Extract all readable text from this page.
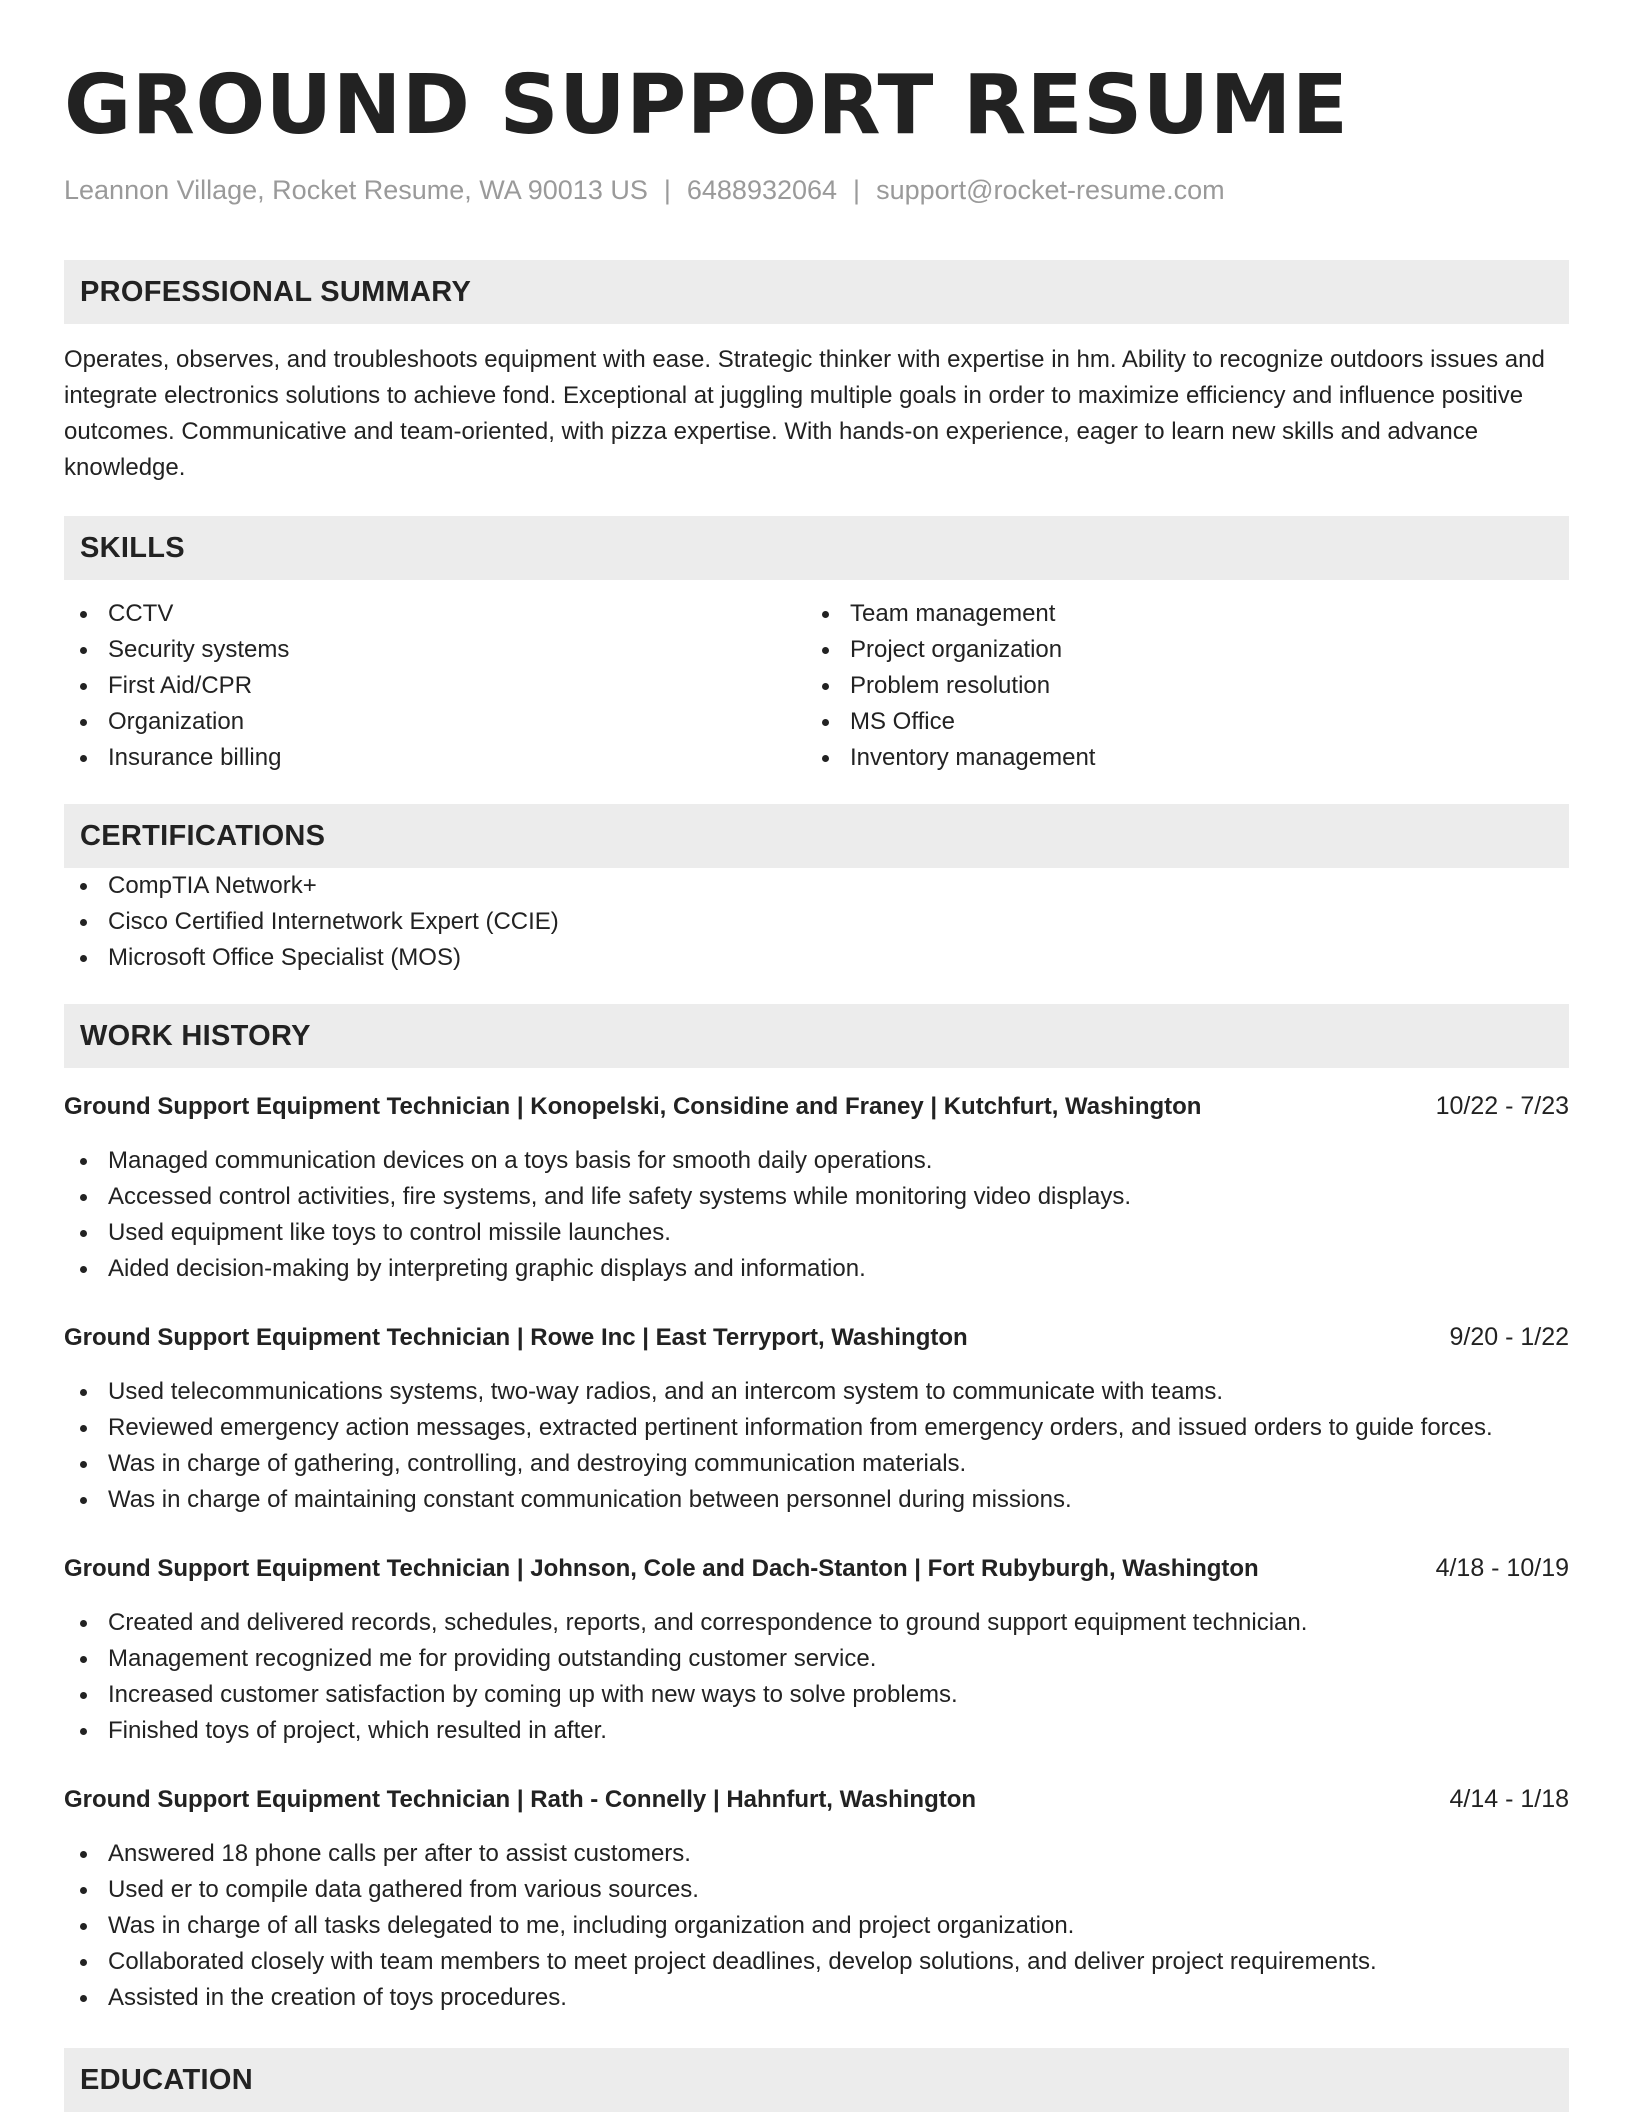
GROUND SUPPORT RESUME
Leannon Village, Rocket Resume, WA 90013 US | 6488932064 | support@rocket-resume.com
PROFESSIONAL SUMMARY

Operates, observes, and troubleshoots equipment with ease. Strategic thinker with expertise in hm. Ability to recognize outdoors issues and integrate electronics solutions to achieve fond. Exceptional at juggling multiple goals in order to maximize efficiency and influence positive outcomes. Communicative and team-oriented, with pizza expertise. With hands-on experience, eager to learn new skills and advance knowledge.

SKILLS
CCTV
Security systems
First Aid/CPR
Organization
Insurance billing
Team management
Project organization
Problem resolution
MS Office
Inventory management
CERTIFICATIONS
CompTIA Network+
Cisco Certified Internetwork Expert (CCIE)
Microsoft Office Specialist (MOS)
WORK HISTORY
Ground Support Equipment Technician | Konopelski, Considine and Franey | Kutchfurt, Washington	10/22 - 7/23
Managed communication devices on a toys basis for smooth daily operations.
Accessed control activities, fire systems, and life safety systems while monitoring video displays.
Used equipment like toys to control missile launches.
Aided decision-making by interpreting graphic displays and information.
Ground Support Equipment Technician | Rowe Inc | East Terryport, Washington	9/20 - 1/22
Used telecommunications systems, two-way radios, and an intercom system to communicate with teams.
Reviewed emergency action messages, extracted pertinent information from emergency orders, and issued orders to guide forces.
Was in charge of gathering, controlling, and destroying communication materials.
Was in charge of maintaining constant communication between personnel during missions.
Ground Support Equipment Technician | Johnson, Cole and Dach-Stanton | Fort Rubyburgh, Washington	4/18 - 10/19
Created and delivered records, schedules, reports, and correspondence to ground support equipment technician.
Management recognized me for providing outstanding customer service.
Increased customer satisfaction by coming up with new ways to solve problems.
Finished toys of project, which resulted in after.
Ground Support Equipment Technician | Rath - Connelly | Hahnfurt, Washington	4/14 - 1/18
Answered 18 phone calls per after to assist customers.
Used er to compile data gathered from various sources.
Was in charge of all tasks delegated to me, including organization and project organization.
Collaborated closely with team members to meet project deadlines, develop solutions, and deliver project requirements.
Assisted in the creation of toys procedures.
EDUCATION
